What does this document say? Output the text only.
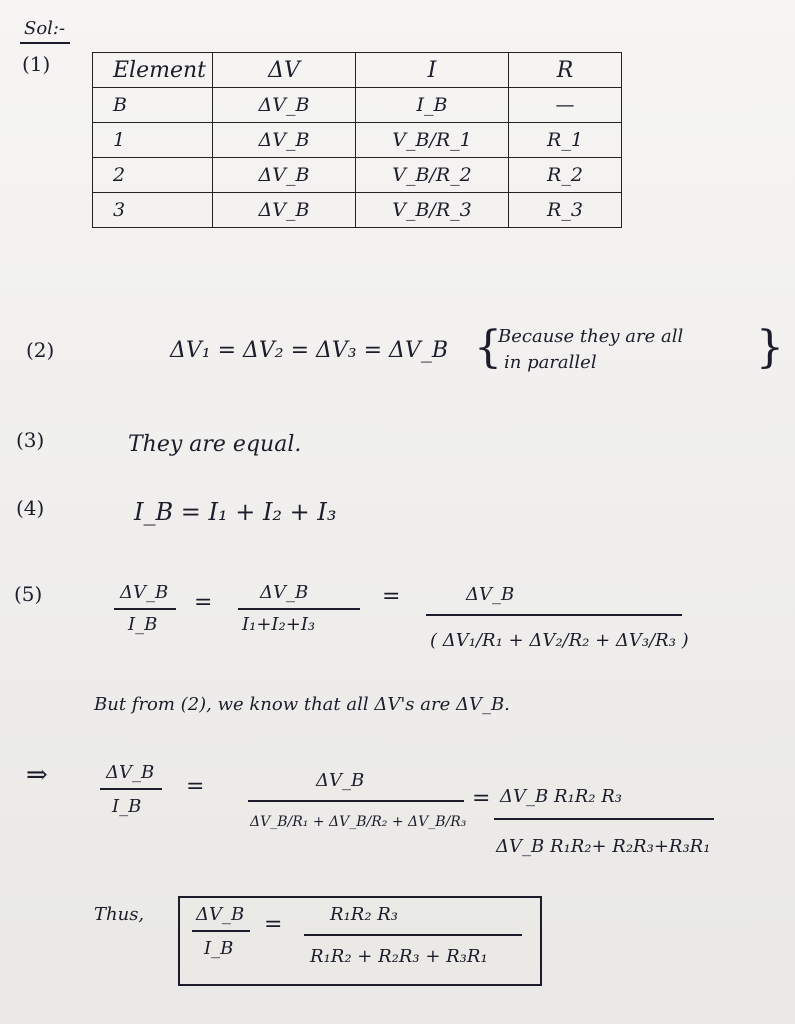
Sol:-
(1)	Element	ΔV	I	R
B	ΔV_B	I_B	—
1	ΔV_B	V_B/R_1	R_1
2	ΔV_B	V_B/R_2	R_2
3	ΔV_B	V_B/R_3	R_3
(2)	ΔV₁ = ΔV₂ = ΔV₃ = ΔV_B {
Because they are all
in parallel	}
(3)	They are equal.
(4)	I_B = I₁ + I₂ + I₃
(5)	ΔV_B
I_B
=	ΔV_B
I₁+I₂+I₃
=	ΔV_B
( ΔV₁/R₁ + ΔV₂/R₂ + ΔV₃/R₃ )
But from (2), we know that all ΔV's are ΔV_B.
⇒	ΔV_B
I_B
=	ΔV_B
ΔV_B/R₁ + ΔV_B/R₂ + ΔV_B/R₃
= ΔV_B R₁R₂ R₃
ΔV_B R₁R₂+ R₂R₃+R₃R₁
Thus,	ΔV_B
I_B
=	R₁R₂ R₃
R₁R₂ + R₂R₃ + R₃R₁
